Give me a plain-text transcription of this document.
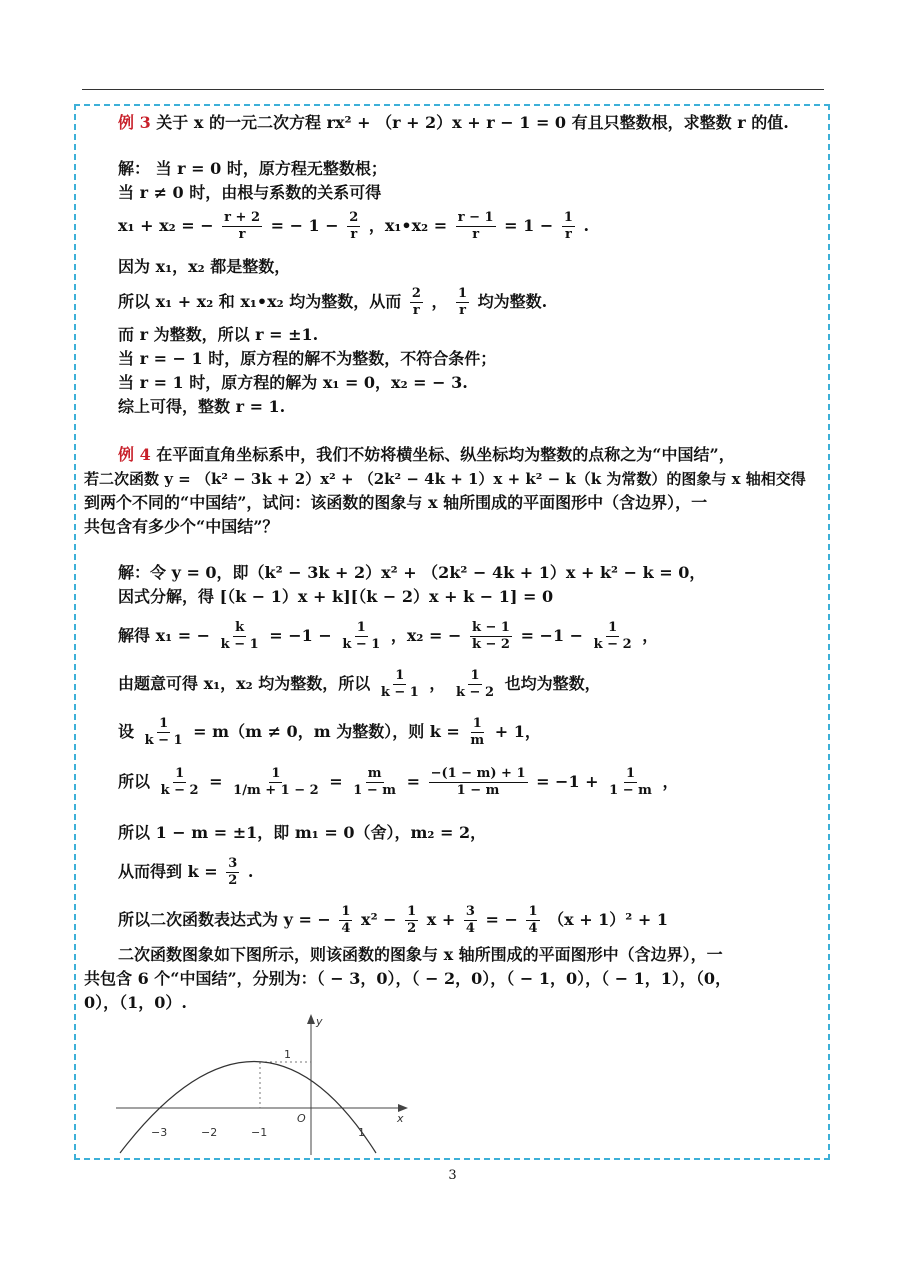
例 3 关于 x 的一元二次方程 rx² + （r + 2）x + r − 1 = 0 有且只整数根，求整数 r 的值.
解： 当 r = 0 时，原方程无整数根；
当 r ≠ 0 时，由根与系数的关系可得
x₁ + x₂ = − $\frac{r + 2}{r}$ = − $1 - \frac{2}{r}$ ，x₁•x₂ = $\frac{r - 1}{r} = 1 - \frac{1}{r}$ .
因为 x₁，x₂ 都是整数，
所以 x₁ + x₂ 和 x₁•x₂ 均为整数，从而 $\frac{2}{r}$ ， $\frac{1}{r}$ 均为整数.
而 r 为整数，所以 r = ±1.
当 r = − 1 时，原方程的解不为整数，不符合条件；
当 r = 1 时，原方程的解为 x₁ = 0，x₂ = − 3.
综上可得，整数 r = 1.
例 4 在平面直角坐标系中，我们不妨将横坐标、纵坐标均为整数的点称之为“中国结”，
若二次函数 y = （k² − 3k + 2）x² + （2k² − 4k + 1）x + k² − k（k 为常数）的图象与 x 轴相交得
到两个不同的“中国结”，试问：该函数的图象与 x 轴所围成的平面图形中（含边界），一
共包含有多少个“中国结”？
解：令 y = 0，即（k² − 3k + 2）x² + （2k² − 4k + 1）x + k² − k = 0，
因式分解，得 [（k − 1）x + k][（k − 2）x + k − 1] = 0
解得 x₁ = − $\frac{k}{k - 1} = -1 - \frac{1}{k - 1}$ ，x₂ = − $\frac{k - 1}{k - 2} = -1 - \frac{1}{k - 2}$ ，
由题意可得 x₁，x₂ 均为整数，所以 $\frac{1}{k - 1}$ ， $\frac{1}{k - 2}$ 也均为整数，
设 $\frac{1}{k - 1} = m(m \ne 0$，m 为整数），则 $k = \frac{1}{m} + 1$，
所以 $\frac{1}{k - 2} = \frac{1}{1/m + 1 - 2} = \frac{m}{1 - m} = \frac{-(1 - m) + 1}{1 - m} = -1 + \frac{1}{1 - m}$ ，
所以 1 − m = ±1，即 m₁ = 0（舍），m₂ = 2，
从而得到 $k = \frac{3}{2}$ .
所以二次函数表达式为 y = − $\frac{1}{4} x^2 - \frac{1}{2}$ $x + \frac{3}{4}$ = − $\frac{1}{4} (x + 1)^2 + 1$
二次函数图象如下图所示，则该函数的图象与 x 轴所围成的平面图形中（含边界），一
共包含 6 个“中国结”，分别为：（ − 3，0），（ − 2，0），（ − 1，0），（ − 1，1），（0，
0），（1，0）.
y
x
O
1
−3	−2	−1	1
3
